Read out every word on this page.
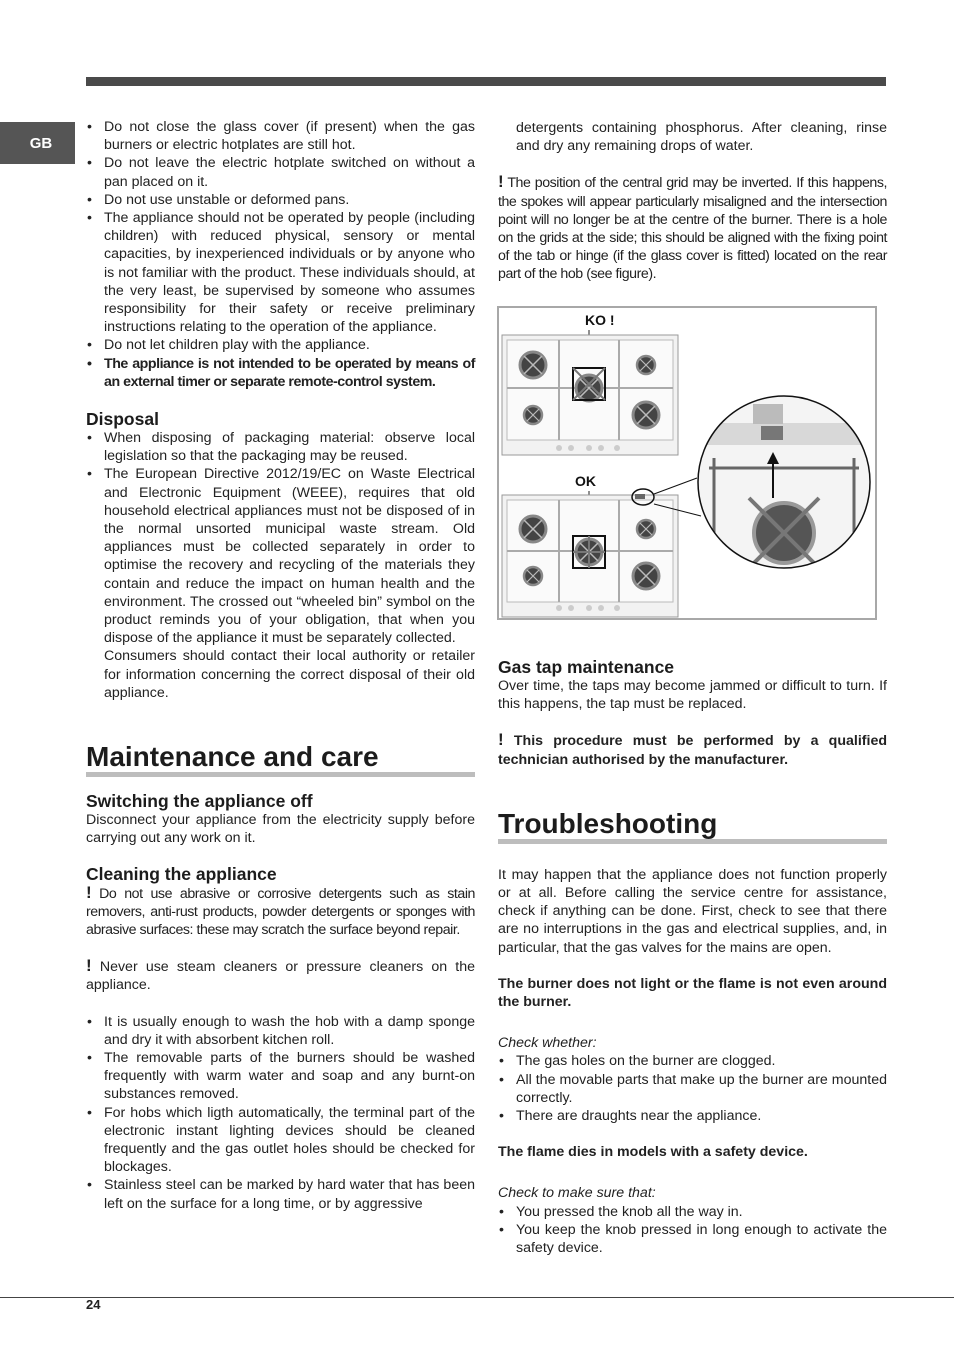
GB
• Do not close the glass cover (if present) when the gas burners or electric hotplates are still hot.
• Do not leave the electric hotplate switched on without a pan placed on it.
• Do not use unstable or deformed pans.
• The appliance should not be operated by people (including children) with reduced physical, sensory or mental capacities, by inexperienced individuals or by anyone who is not familiar with the product. These individuals should, at the very least, be supervised by someone who assumes responsibility for their safety or receive preliminary instructions relating to the operation of the appliance.
• Do not let children play with the appliance.
• The appliance is not intended to be operated by means of an external timer or separate remote-control system.
Disposal
• When disposing of packaging material: observe local legislation so that the packaging may be reused.
• The European Directive 2012/19/EC on Waste Electrical and Electronic Equipment (WEEE), requires that old household electrical appliances must not be disposed of in the normal unsorted municipal waste stream. Old appliances must be collected separately in order to optimise the recovery and recycling of the materials they contain and reduce the impact on human health and the environment. The crossed out “wheeled bin” symbol on the product reminds you of your obligation, that when you dispose of the appliance it must be separately collected.

Consumers should contact their local authority or retailer for information concerning the correct disposal of their old appliance.

Maintenance and care
Switching the appliance off

Disconnect your appliance from the electricity supply before carrying out any work on it.

Cleaning the appliance

! Do not use abrasive or corrosive detergents such as stain removers, anti-rust products, powder detergents or sponges with abrasive surfaces: these may scratch the surface beyond repair.

! Never use steam cleaners or pressure cleaners on the appliance.

• It is usually enough to wash the hob with a damp sponge and dry it with absorbent kitchen roll.
• The removable parts of the burners should be washed frequently with warm water and soap and any burnt-on substances removed.
• For hobs which ligth automatically, the terminal part of the electronic instant lighting devices should be cleaned frequently and the gas outlet holes should be checked for blockages.
• Stainless steel can be marked by hard water that has been left on the surface for a long time, or by aggressive

detergents containing phosphorus. After cleaning, rinse and dry any remaining drops of water.

! The position of the central grid may be inverted. If this happens, the spokes will appear particularly misaligned and the intersection point will no longer be at the centre of the burner. There is a hole on the grids at the side; this should be aligned with the fixing point of the tab or hinge (if the glass cover is fitted) located on the rear part of the hob (see figure).

KO !
OK
Gas tap maintenance

Over time, the taps may become jammed or difficult to turn. If this happens, the tap must be replaced.

! This procedure must be performed by a qualified technician authorised by the manufacturer.

Troubleshooting

It may happen that the appliance does not function properly or at all. Before calling the service centre for assistance, check if anything can be done. First, check to see that there are no interruptions in the gas and electrical supplies, and, in particular, that the gas valves for the mains are open.

The burner does not light or the flame is not even around the burner.

Check whether:

• The gas holes on the burner are clogged.
• All the movable parts that make up the burner are mounted correctly.
• There are draughts near the appliance.

The flame dies in models with a safety device.

Check to make sure that:

• You pressed the knob all the way in.
• You keep the knob pressed in long enough to activate the safety device.
24
